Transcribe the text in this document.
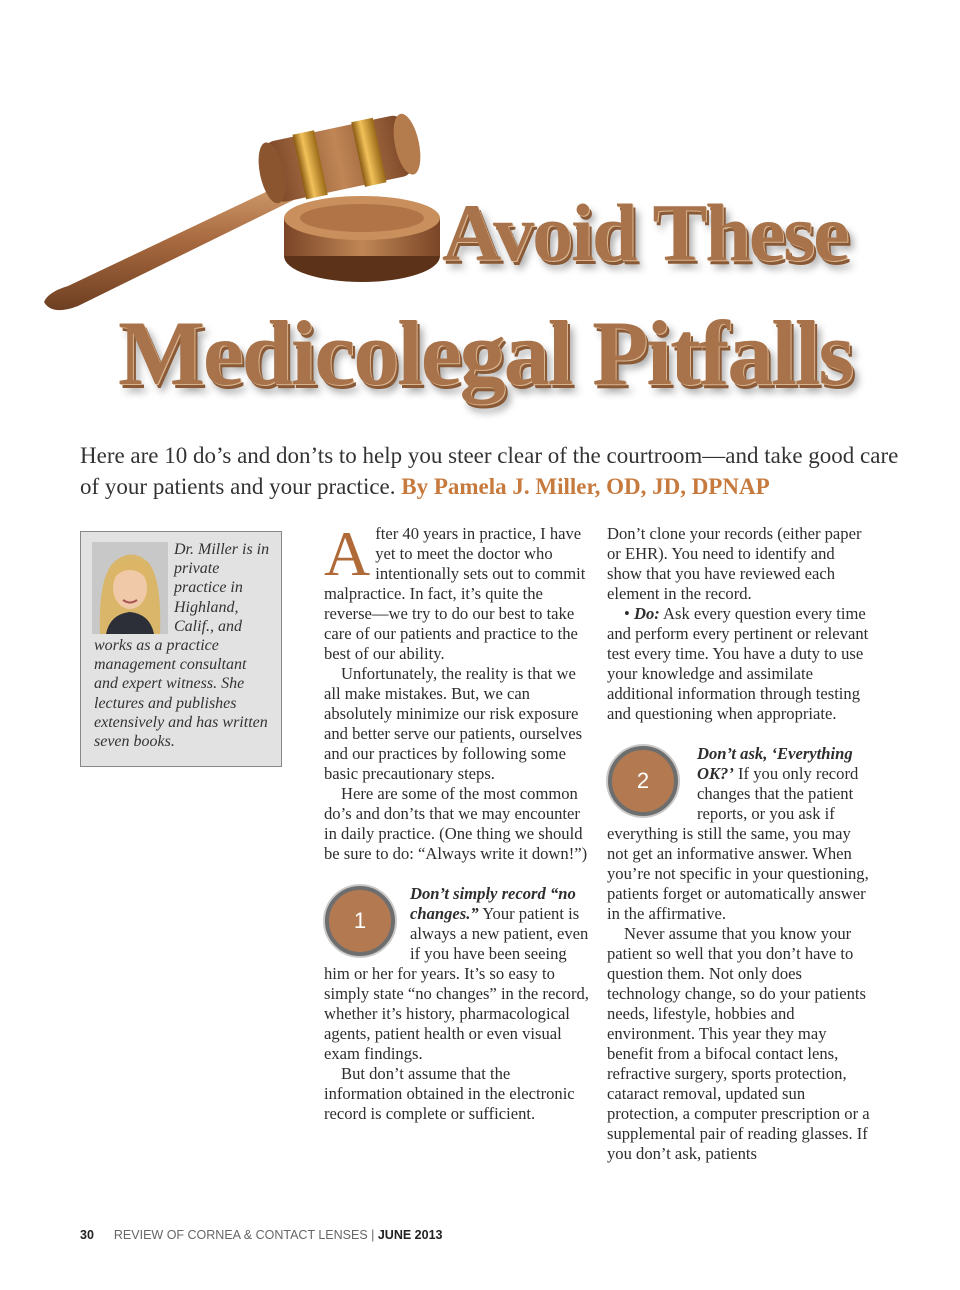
Avoid These
Medicolegal Pitfalls
Here are 10 do’s and don’ts to help you steer clear of the courtroom—and take good care of your patients and your practice. By Pamela J. Miller, OD, JD, DPNAP
Dr. Miller is in private practice in Highland, Calif., and works as a practice management consultant and expert witness. She lectures and publishes extensively and has written seven books.

After 40 years in practice, I have yet to meet the doctor who intentionally sets out to commit malpractice. In fact, it’s quite the reverse—we try to do our best to take care of our patients and practice to the best of our ability.

Unfortunately, the reality is that we all make mistakes. But, we can absolutely minimize our risk exposure and better serve our patients, ourselves and our practices by following some basic precautionary steps.

Here are some of the most common do’s and don’ts that we may encounter in daily practice. (One thing we should be sure to do: “Always write it down!”)

1
Don’t simply record “no changes.” Your patient is always a new patient, even if you have been seeing him or her for years. It’s so easy to simply state “no changes” in the record, whether it’s history, pharmacological agents, patient health or even visual exam findings.

But don’t assume that the information obtained in the electronic record is complete or sufficient.

Don’t clone your records (either paper or EHR). You need to identify and show that you have reviewed each element in the record.

• Do: Ask every question every time and perform every pertinent or relevant test every time. You have a duty to use your knowledge and assimilate additional information through testing and questioning when appropriate.

2
Don’t ask, ‘Everything OK?’ If you only record changes that the patient reports, or you ask if everything is still the same, you may not get an informative answer. When you’re not specific in your questioning, patients forget or automatically answer in the affirmative.

Never assume that you know your patient so well that you don’t have to question them. Not only does technology change, so do your patients needs, lifestyle, hobbies and environment. This year they may benefit from a bifocal contact lens, refractive surgery, sports protection, cataract removal, updated sun protection, a computer prescription or a supplemental pair of reading glasses. If you don’t ask, patients

30 REVIEW OF CORNEA & CONTACT LENSES | JUNE 2013
